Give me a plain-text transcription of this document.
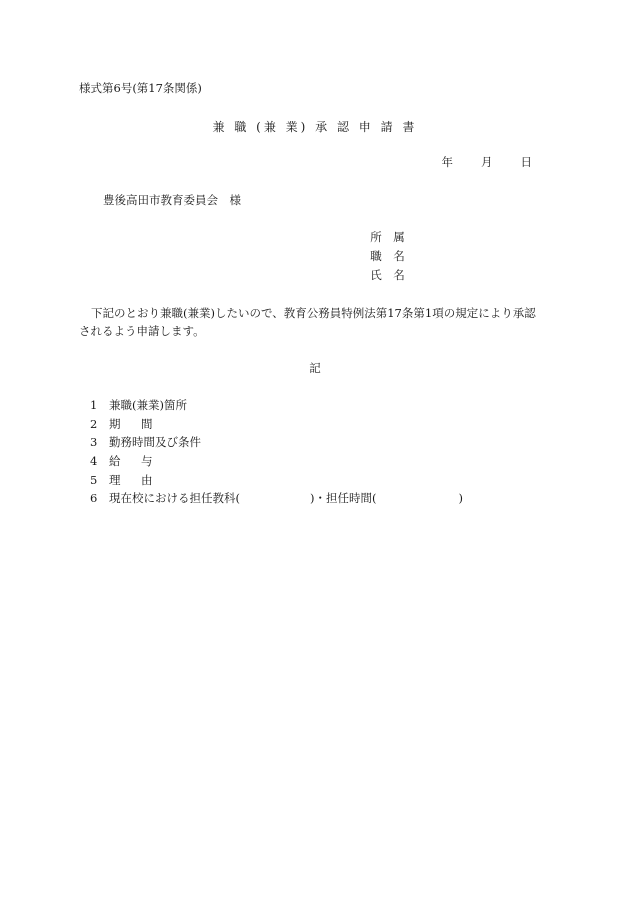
様式第6号(第17条関係)
兼 職 (兼 業) 承 認 申 請 書
年 月 日
豊後高田市教育委員会　様
所 属
職 名
氏 名
下記のとおり兼職(兼業)したいので、教育公務員特例法第17条第1項の規定により承認
されるよう申請します。
記
1 兼職(兼業)箇所
2 期 間
3 勤務時間及び条件
4 給 与
5 理 由
6 現在校における担任教科(	)・担任時間(	)
